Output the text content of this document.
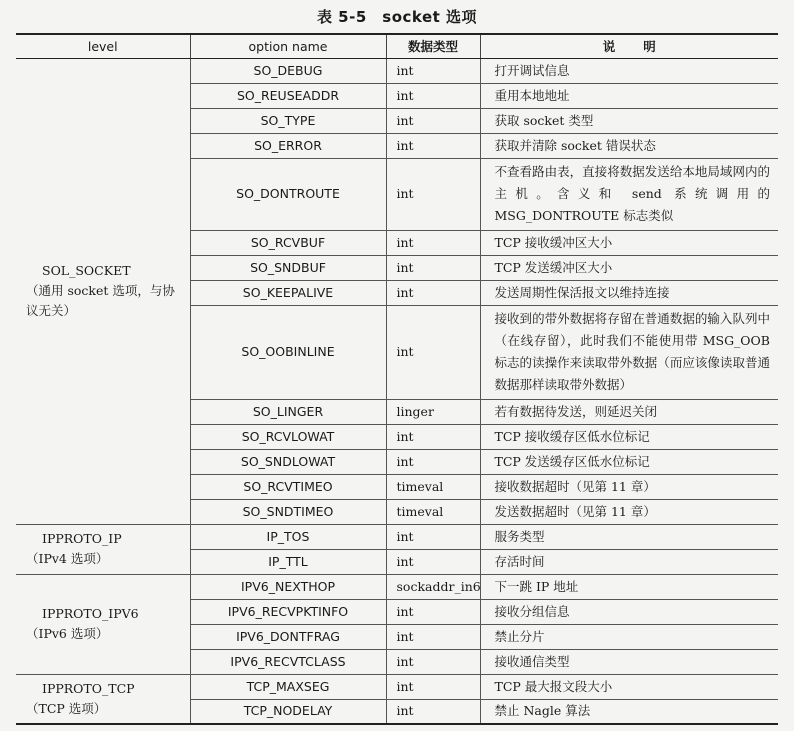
表 5-5　socket 选项
level	option name	数据类型	说明

SOL_SOCKET
（通用 socket 选项，与协议无关）	SO_DEBUG	int	打开调试信息
	SO_REUSEADDR	int	重用本地地址
	SO_TYPE	int	获取 socket 类型
	SO_ERROR	int	获取并清除 socket 错误状态
	SO_DONTROUTE	int	不查看路由表，直接将数据发送给本地局域网内的主机。含义和 send 系统调用的 MSG_DONTROUTE 标志类似
	SO_RCVBUF	int	TCP 接收缓冲区大小
	SO_SNDBUF	int	TCP 发送缓冲区大小
	SO_KEEPALIVE	int	发送周期性保活报文以维持连接
	SO_OOBINLINE	int	接收到的带外数据将存留在普通数据的输入队列中（在线存留），此时我们不能使用带 MSG_OOB 标志的读操作来读取带外数据（而应该像读取普通数据那样读取带外数据）
	SO_LINGER	linger	若有数据待发送，则延迟关闭
	SO_RCVLOWAT	int	TCP 接收缓存区低水位标记
	SO_SNDLOWAT	int	TCP 发送缓存区低水位标记
	SO_RCVTIMEO	timeval	接收数据超时（见第 11 章）
	SO_SNDTIMEO	timeval	发送数据超时（见第 11 章）

IPPROTO_IP
（IPv4 选项）	IP_TOS	int	服务类型
	IP_TTL	int	存活时间

IPPROTO_IPV6
（IPv6 选项）	IPV6_NEXTHOP	sockaddr_in6	下一跳 IP 地址
	IPV6_RECVPKTINFO	int	接收分组信息
	IPV6_DONTFRAG	int	禁止分片
	IPV6_RECVTCLASS	int	接收通信类型

IPPROTO_TCP
（TCP 选项）	TCP_MAXSEG	int	TCP 最大报文段大小
	TCP_NODELAY	int	禁止 Nagle 算法
